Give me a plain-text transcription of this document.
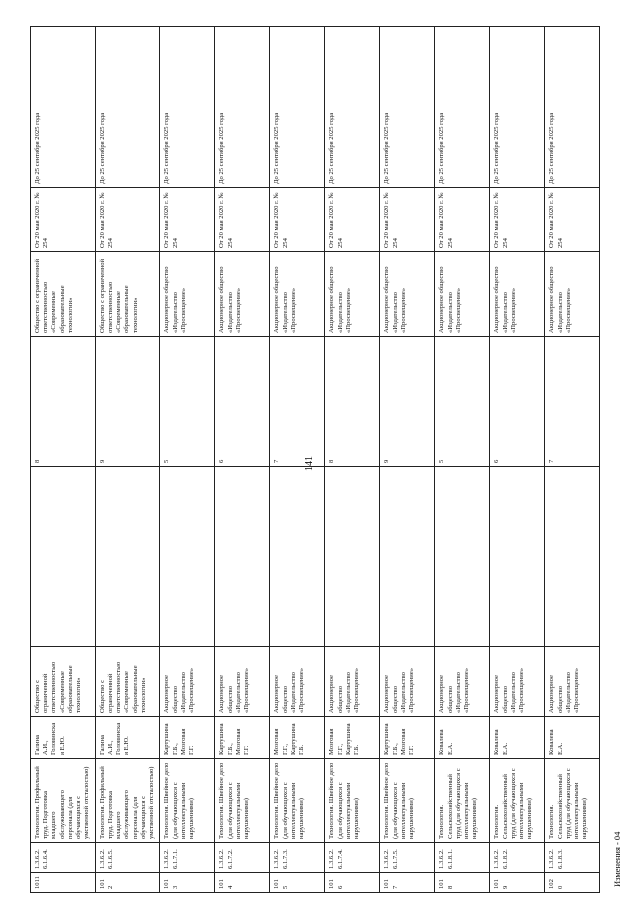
141
1011	1.3.6.2.6.1.6.4.	Технология. Профильный труд. Подготовка младшего обслуживающего персонала (для обучающихся с умственной отсталостью)	Галина А.И., Головинская Е.Ю.	Общество с ограниченной ответственностью «Современные образовательные технологии»		8	Общество с ограниченной ответственностью «Современные образовательные технологии»	От 20 мая 2020 г. № 254	До 25 сентября 2025 года
1012	1.3.6.2.6.1.6.5.	Технология. Профильный труд. Подготовка младшего обслуживающего персонала (для обучающихся с умственной отсталостью)	Галина А.И., Головинская Е.Ю.	Общество с ограниченной ответственностью «Современные образовательные технологии»		9	Общество с ограниченной ответственностью «Современные образовательные технологии»	От 20 мая 2020 г. № 254	До 25 сентября 2025 года
1013	1.3.6.2.6.1.7.1.	Технология. Швейное дело (для обучающихся с интеллектуальными нарушениями)	Картушина Г.Б., Мозговая Г.Г.	Акционерное общество «Издательство «Просвещение»		5	Акционерное общество «Издательство «Просвещение»	От 20 мая 2020 г. № 254	До 25 сентября 2025 года
1014	1.3.6.2.6.1.7.2.	Технология. Швейное дело (для обучающихся с интеллектуальными нарушениями)	Картушина Г.Б., Мозговая Г.Г.	Акционерное общество «Издательство «Просвещение»		6	Акционерное общество «Издательство «Просвещение»	От 20 мая 2020 г. № 254	До 25 сентября 2025 года
1015	1.3.6.2.6.1.7.3.	Технология. Швейное дело (для обучающихся с интеллектуальными нарушениями)	Мозговая Г.Г., Картушина Г.Б.	Акционерное общество «Издательство «Просвещение»		7	Акционерное общество «Издательство «Просвещение»	От 20 мая 2020 г. № 254	До 25 сентября 2025 года
1016	1.3.6.2.6.1.7.4.	Технология. Швейное дело (для обучающихся с интеллектуальными нарушениями)	Мозговая Г.Г., Картушина Г.Б.	Акционерное общество «Издательство «Просвещение»		8	Акционерное общество «Издательство «Просвещение»	От 20 мая 2020 г. № 254	До 25 сентября 2025 года
1017	1.3.6.2.6.1.7.5.	Технология. Швейное дело (для обучающихся с интеллектуальными нарушениями)	Картушина Г.Б., Мозговая Г.Г.	Акционерное общество «Издательство «Просвещение»		9	Акционерное общество «Издательство «Просвещение»	От 20 мая 2020 г. № 254	До 25 сентября 2025 года
1018	1.3.6.2.6.1.8.1.	Технология. Сельскохозяйственный труд (для обучающихся с интеллектуальными нарушениями)	Ковалева Е.А.	Акционерное общество «Издательство «Просвещение»		5	Акционерное общество «Издательство «Просвещение»	От 20 мая 2020 г. № 254	До 25 сентября 2025 года
1019	1.3.6.2.6.1.8.2.	Технология. Сельскохозяйственный труд (для обучающихся с интеллектуальными нарушениями)	Ковалева Е.А.	Акционерное общество «Издательство «Просвещение»		6	Акционерное общество «Издательство «Просвещение»	От 20 мая 2020 г. № 254	До 25 сентября 2025 года
1020	1.3.6.2.6.1.8.3.	Технология. Сельскохозяйственный труд (для обучающихся с интеллектуальными нарушениями)	Ковалева Е.А.	Акционерное общество «Издательство «Просвещение»		7	Акционерное общество «Издательство «Просвещение»	От 20 мая 2020 г. № 254	До 25 сентября 2025 года
Изменения - 04
